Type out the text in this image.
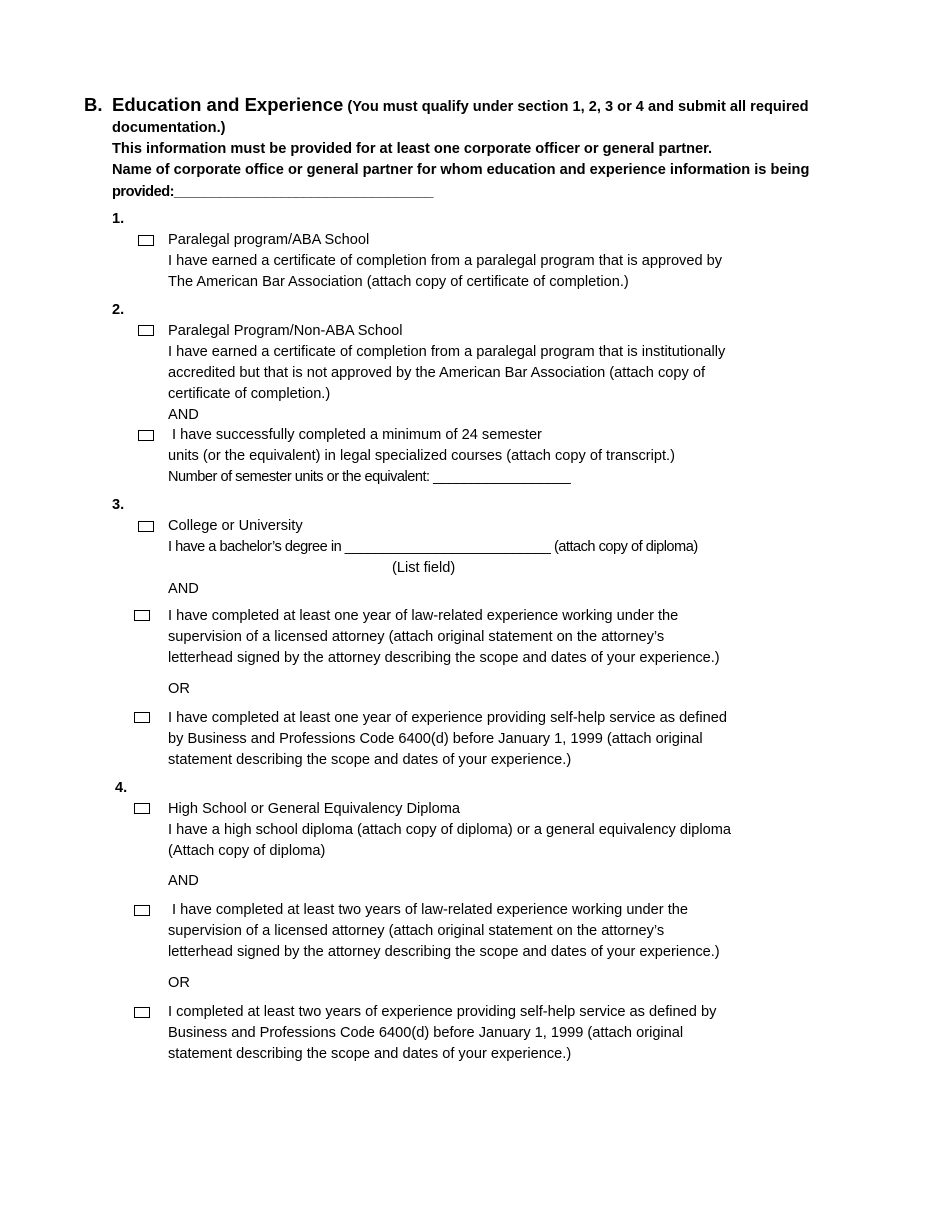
B. Education and Experience (You must qualify under section 1, 2, 3 or 4 and submit all required
documentation.)
This information must be provided for at least one corporate officer or general partner.
Name of corporate office or general partner for whom education and experience information is being
provided:__________________________________
1.
Paralegal program/ABA School
I have earned a certificate of completion from a paralegal program that is approved by
The American Bar Association (attach copy of certificate of completion.)
2.
Paralegal Program/Non-ABA School
I have earned a certificate of completion from a paralegal program that is institutionally
accredited but that is not approved by the American Bar Association (attach copy of
certificate of completion.)
AND
I have successfully completed a minimum of 24 semester
units (or the equivalent) in legal specialized courses (attach copy of transcript.)
Number of semester units or the equivalent: __________________
3.
College or University
I have a bachelor’s degree in ___________________________ (attach copy of diploma)
(List field)
AND
I have completed at least one year of law-related experience working under the
supervision of a licensed attorney (attach original statement on the attorney’s
letterhead signed by the attorney describing the scope and dates of your experience.)
OR
I have completed at least one year of experience providing self-help service as defined
by Business and Professions Code 6400(d) before January 1, 1999 (attach original
statement describing the scope and dates of your experience.)
4.
High School or General Equivalency Diploma
I have a high school diploma (attach copy of diploma) or a general equivalency diploma
(Attach copy of diploma)
AND
I have completed at least two years of law-related experience working under the
supervision of a licensed attorney (attach original statement on the attorney’s
letterhead signed by the attorney describing the scope and dates of your experience.)
OR
I completed at least two years of experience providing self-help service as defined by
Business and Professions Code 6400(d) before January 1, 1999 (attach original
statement describing the scope and dates of your experience.)
